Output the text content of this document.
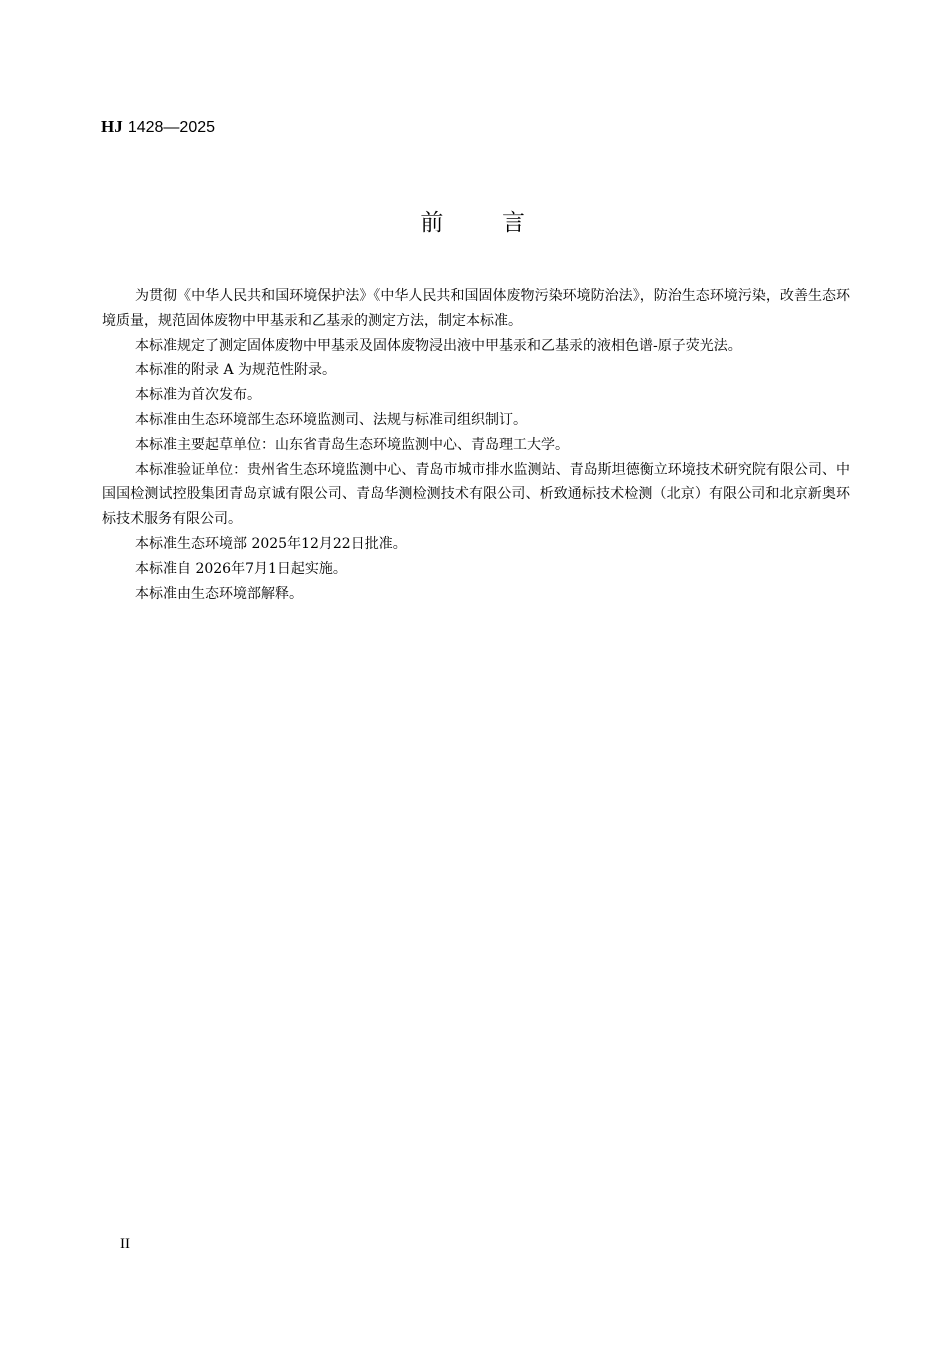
HJ 1428—2025
前 言

为贯彻《中华人民共和国环境保护法》《中华人民共和国固体废物污染环境防治法》，防治生态环境污染，改善生态环境质量，规范固体废物中甲基汞和乙基汞的测定方法，制定本标准。

本标准规定了测定固体废物中甲基汞及固体废物浸出液中甲基汞和乙基汞的液相色谱-原子荧光法。

本标准的附录 A 为规范性附录。

本标准为首次发布。

本标准由生态环境部生态环境监测司、法规与标准司组织制订。

本标准主要起草单位：山东省青岛生态环境监测中心、青岛理工大学。

本标准验证单位：贵州省生态环境监测中心、青岛市城市排水监测站、青岛斯坦德衡立环境技术研究院有限公司、中国国检测试控股集团青岛京诚有限公司、青岛华测检测技术有限公司、析致通标技术检测（北京）有限公司和北京新奥环标技术服务有限公司。

本标准生态环境部 2025年12月22日批准。

本标准自 2026年7月1日起实施。

本标准由生态环境部解释。

II
